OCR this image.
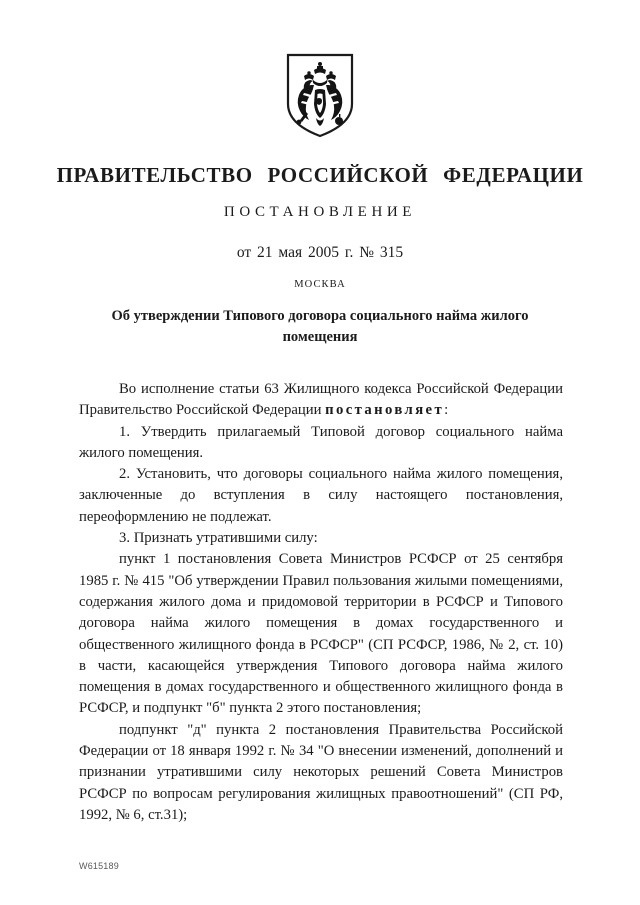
ПРАВИТЕЛЬСТВО РОССИЙСКОЙ ФЕДЕРАЦИИ
ПОСТАНОВЛЕНИЕ
от 21 мая 2005 г. № 315
МОСКВА
Об утверждении Типового договора социального найма жилого помещения

Во исполнение статьи 63 Жилищного кодекса Российской Федерации Правительство Российской Федерации постановляет:

1. Утвердить прилагаемый Типовой договор социального найма жилого помещения.

2. Установить, что договоры социального найма жилого помещения, заключенные до вступления в силу настоящего постановления, переоформлению не подлежат.

3. Признать утратившими силу:

пункт 1 постановления Совета Министров РСФСР от 25 сентября 1985 г. № 415 "Об утверждении Правил пользования жилыми помещениями, содержания жилого дома и придомовой территории в РСФСР и Типового договора найма жилого помещения в домах государственного и общественного жилищного фонда в РСФСР" (СП РСФСР, 1986, № 2, ст. 10) в части, касающейся утверждения Типового договора найма жилого помещения в домах государственного и общественного жилищного фонда в РСФСР, и подпункт "б" пункта 2 этого постановления;

подпункт "д" пункта 2 постановления Правительства Российской Федерации от 18 января 1992 г. № 34 "О внесении изменений, дополнений и признании утратившими силу некоторых решений Совета Министров РСФСР по вопросам регулирования жилищных правоотношений" (СП РФ, 1992, № 6, ст.31);

W615189
